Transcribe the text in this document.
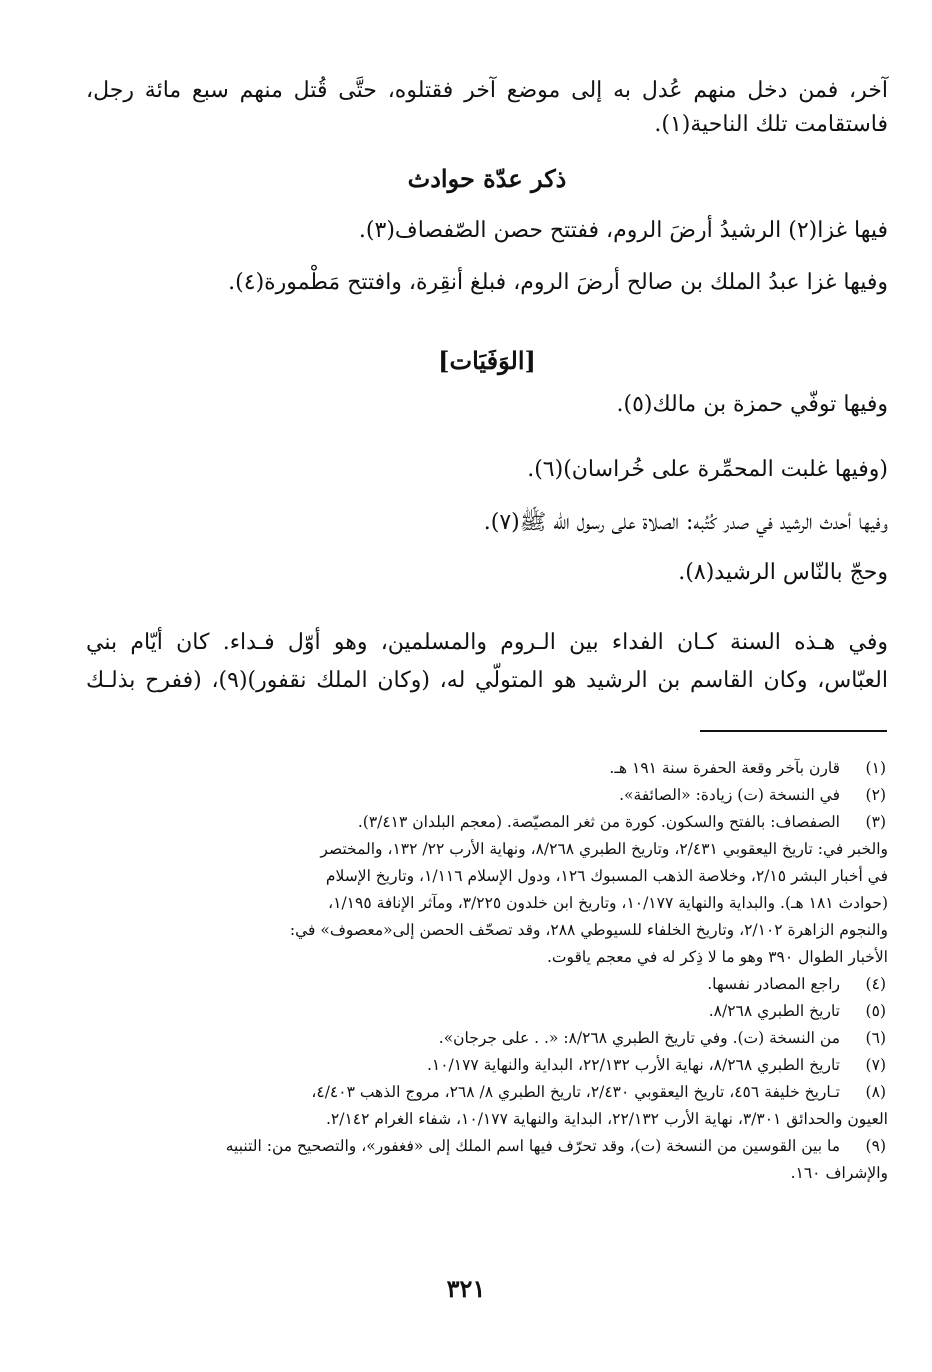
آخر، فمن دخل منهم عُدل به إلى موضع آخر فقتلوه، حتَّى قُتل منهم سبع مائة رجل،
فاستقامت تلك الناحية(١).
ذكر عدّة حوادث
فيها غزا(٢) الرشيدُ أرضَ الروم، ففتتح حصن الصّفصاف(٣).
وفيها غزا عبدُ الملك بن صالح أرضَ الروم، فبلغ أنقِرة، وافتتح مَطْمورة(٤).
[الوَفَيَات]
وفيها توفّي حمزة بن مالك(٥).
(وفيها غلبت المحمِّرة على خُراسان)(٦).
وفيها أحدث الرشيد في صدر كُتُبه: الصلاة على رسول الله ﷺ(٧).
وحجّ بالنّاس الرشيد(٨).
وفي هـذه السنة كـان الفداء بين الـروم والمسلمين، وهو أوّل فـداء. كان أيّام بني
العبّاس، وكان القاسم بن الرشيد هو المتولّي له، (وكان الملك نقفور)(٩)، (ففرح بذلـك
(١)
قارن بآخر وقعة الحفرة سنة ١٩١ هـ.
(٢)
في النسخة (ت) زيادة: «الصائفة».
(٣)
الصفصاف: بالفتح والسكون. كورة من ثغر المصيّصة. (معجم البلدان ٣/٤١٣).
والخبر في: تاريخ اليعقوبي ٢/٤٣١، وتاريخ الطبري ٨/٢٦٨، ونهاية الأرب ٢٢/ ١٣٢، والمختصر
في أخبار البشر ٢/١٥، وخلاصة الذهب المسبوك ١٢٦، ودول الإسلام ١/١١٦، وتاريخ الإسلام
(حوادث ١٨١ هـ). والبداية والنهاية ١٠/١٧٧، وتاريخ ابن خلدون ٣/٢٢٥، ومآثر الإنافة ١/١٩٥،
والنجوم الزاهرة ٢/١٠٢، وتاريخ الخلفاء للسيوطي ٢٨٨، وقد تصحّف الحصن إلى«معصوف» في:
الأخبار الطوال ٣٩٠ وهو ما لا ذِكر له في معجم ياقوت.
(٤)
راجع المصادر نفسها.
(٥)
تاريخ الطبري ٨/٢٦٨.
(٦)
من النسخة (ت). وفي تاريخ الطبري ٨/٢٦٨: «. . على جرجان».
(٧)
تاريخ الطبري ٨/٢٦٨، نهاية الأرب ٢٢/١٣٢، البداية والنهاية ١٠/١٧٧.
(٨)
تـاريخ خليفة ٤٥٦، تاريخ اليعقوبي ٢/٤٣٠، تاريخ الطبري ٨/ ٢٦٨، مروج الذهب ٤/٤٠٣،
العيون والحدائق ٣/٣٠١، نهاية الأرب ٢٢/١٣٢، البداية والنهاية ١٠/١٧٧، شفاء الغرام ٢/١٤٢.
(٩)
ما بين القوسين من النسخة (ت)، وقد تحرّف فيها اسم الملك إلى «فغفور»، والتصحيح من: التنبيه
والإشراف ١٦٠.
٣٢١
